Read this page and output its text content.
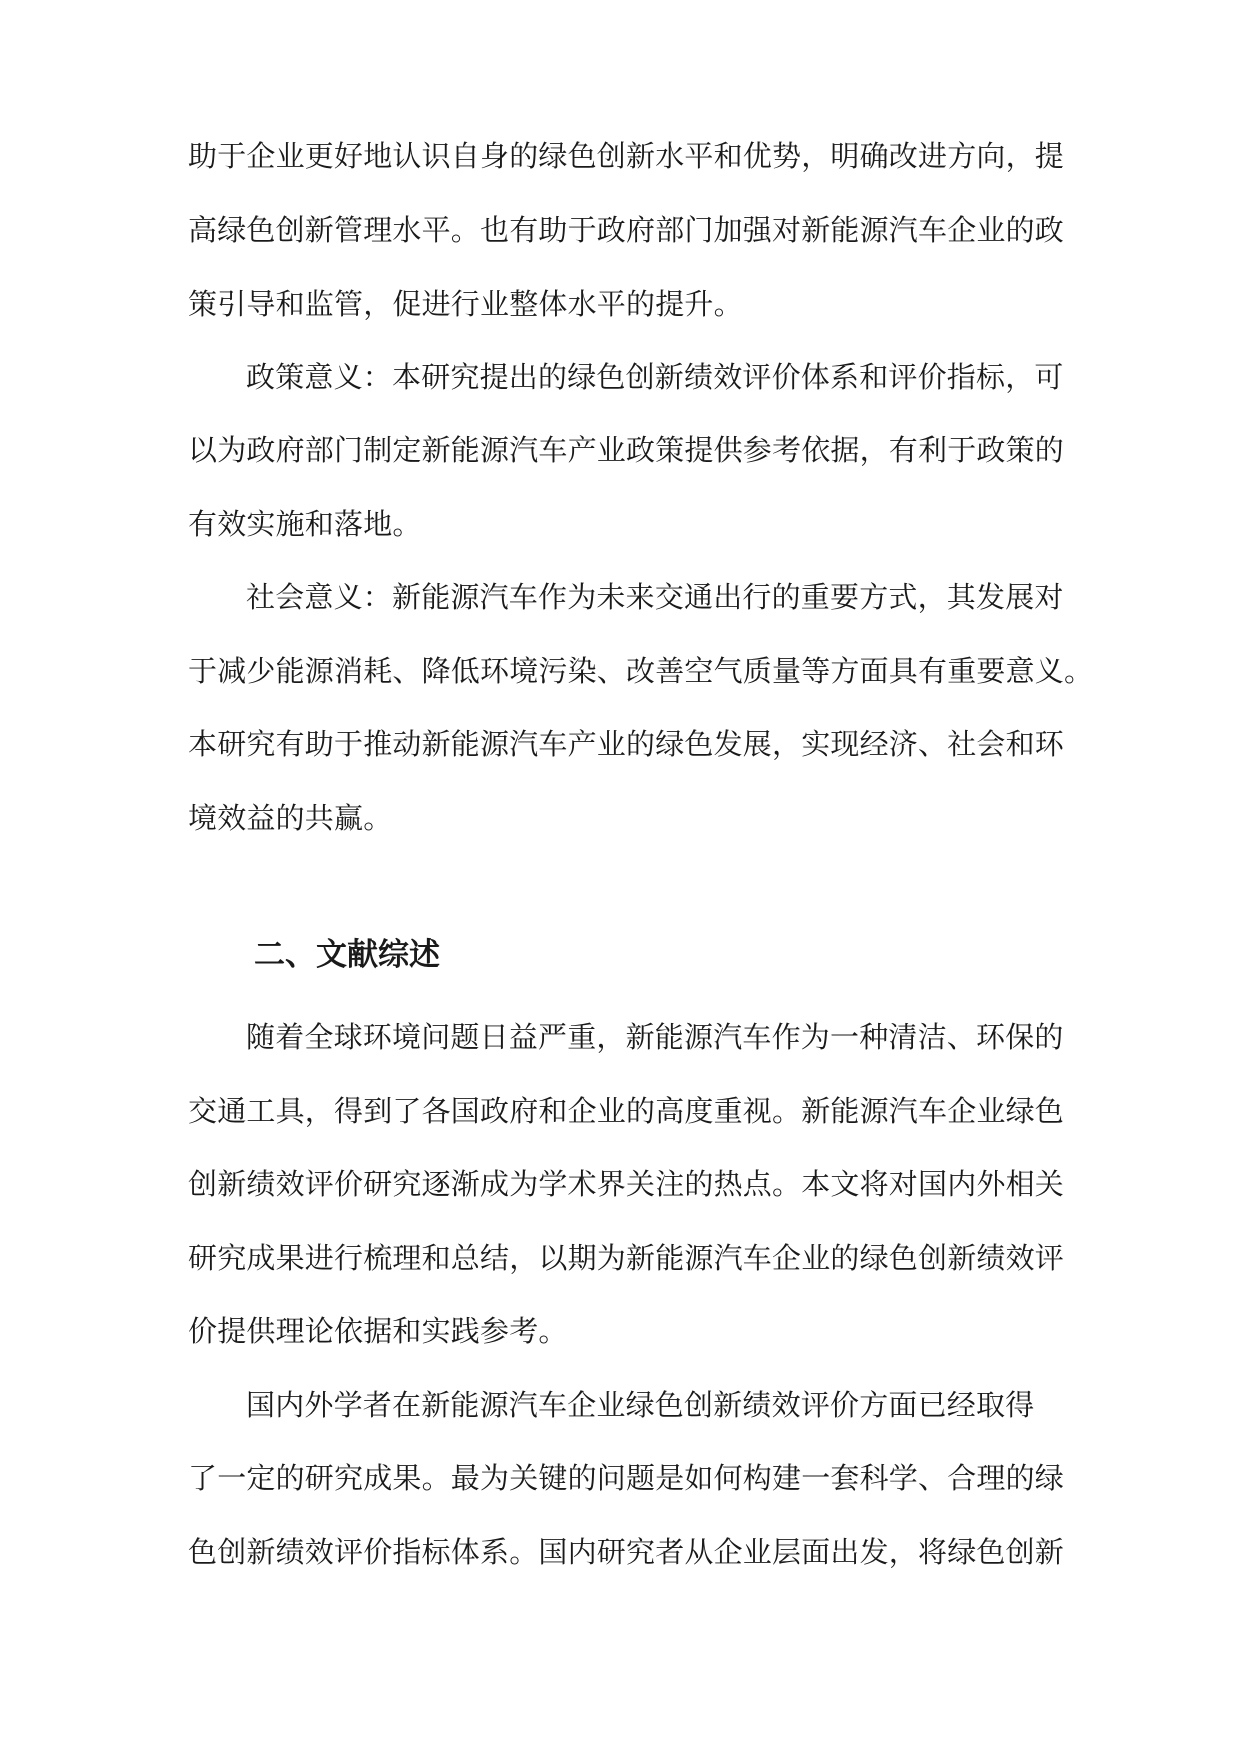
助于企业更好地认识自身的绿色创新水平和优势，明确改进方向，提
高绿色创新管理水平。也有助于政府部门加强对新能源汽车企业的政
策引导和监管，促进行业整体水平的提升。
政策意义：本研究提出的绿色创新绩效评价体系和评价指标，可
以为政府部门制定新能源汽车产业政策提供参考依据，有利于政策的
有效实施和落地。
社会意义：新能源汽车作为未来交通出行的重要方式，其发展对
于减少能源消耗、降低环境污染、改善空气质量等方面具有重要意义。
本研究有助于推动新能源汽车产业的绿色发展，实现经济、社会和环
境效益的共赢。
二、文献综述
随着全球环境问题日益严重，新能源汽车作为一种清洁、环保的
交通工具，得到了各国政府和企业的高度重视。新能源汽车企业绿色
创新绩效评价研究逐渐成为学术界关注的热点。本文将对国内外相关
研究成果进行梳理和总结，以期为新能源汽车企业的绿色创新绩效评
价提供理论依据和实践参考。
国内外学者在新能源汽车企业绿色创新绩效评价方面已经取得
了一定的研究成果。最为关键的问题是如何构建一套科学、合理的绿
色创新绩效评价指标体系。国内研究者从企业层面出发，将绿色创新
